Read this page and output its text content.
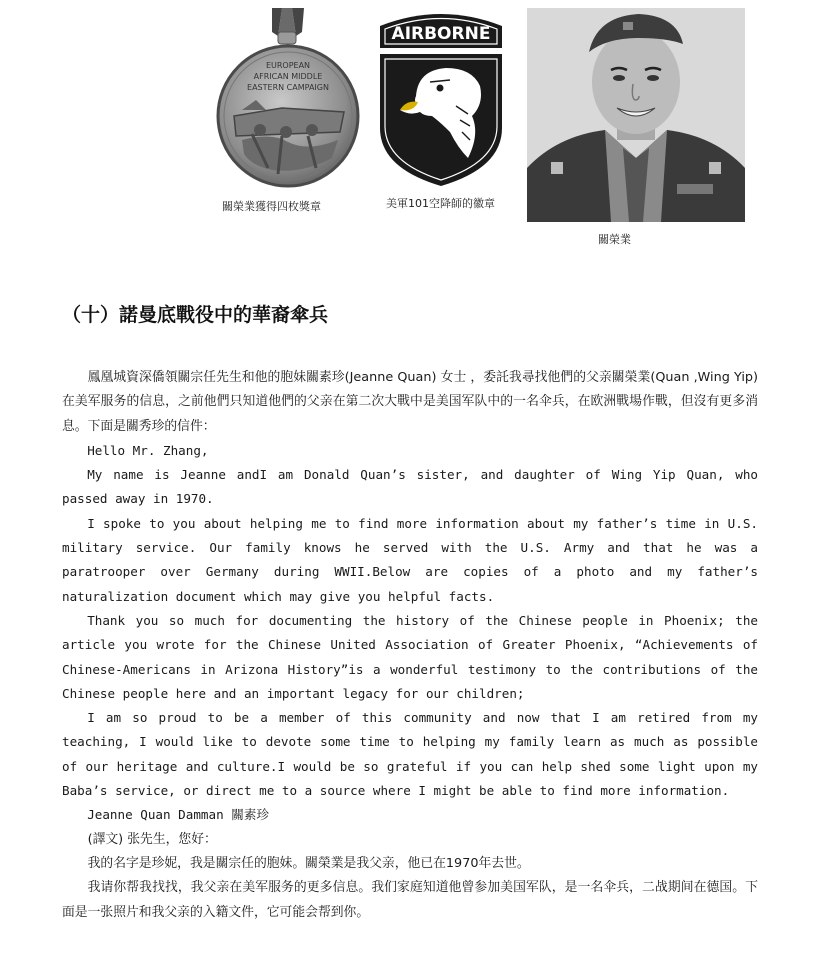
EUROPEAN
AFRICAN MIDDLE
EASTERN CAMPAIGN
AIRBORNE
關榮業獲得四枚獎章	美軍101空降師的徽章
關榮業
（十）諾曼底戰役中的華裔傘兵

鳳凰城資深僑領關宗任先生和他的胞妹關素珍(Jeanne Quan) 女士 ，委託我尋找他們的父亲關榮業(Quan ,Wing Yip)在美军服务的信息，之前他們只知道他們的父亲在第二次大戰中是美国军队中的一名伞兵，在欧洲戰場作戰，但沒有更多消息。下面是關秀珍的信件：

Hello Mr. Zhang,

My name is Jeanne andI am Donald Quan’s sister, and daughter of Wing Yip Quan, who passed away in 1970.

I spoke to you about helping me to find more information about my father’s time in U.S. military service. Our family knows he served with the U.S. Army and that he was a paratrooper over Germany during WWII.Below are copies of a photo and my father’s naturalization document which may give you helpful facts.

Thank you so much for documenting the history of the Chinese people in Phoenix; the article you wrote for the Chinese United Association of Greater Phoenix, “Achievements of Chinese-Americans in Arizona History”is a wonderful testimony to the contributions of the Chinese people here and an important legacy for our children;

I am so proud to be a member of this community and now that I am retired from my teaching, I would like to devote some time to helping my family learn as much as possible of our heritage and culture.I would be so grateful if you can help shed some light upon my Baba’s service, or direct me to a source where I might be able to find more information.

Jeanne Quan Damman 關素珍

(譯文) 张先生，您好：

我的名字是珍妮，我是關宗任的胞妹。關榮業是我父亲，他已在1970年去世。

我请你帮我找找，我父亲在美军服务的更多信息。我们家庭知道他曾参加美国军队，是一名伞兵，二战期间在德国。下面是一张照片和我父亲的入籍文件，它可能会帮到你。
